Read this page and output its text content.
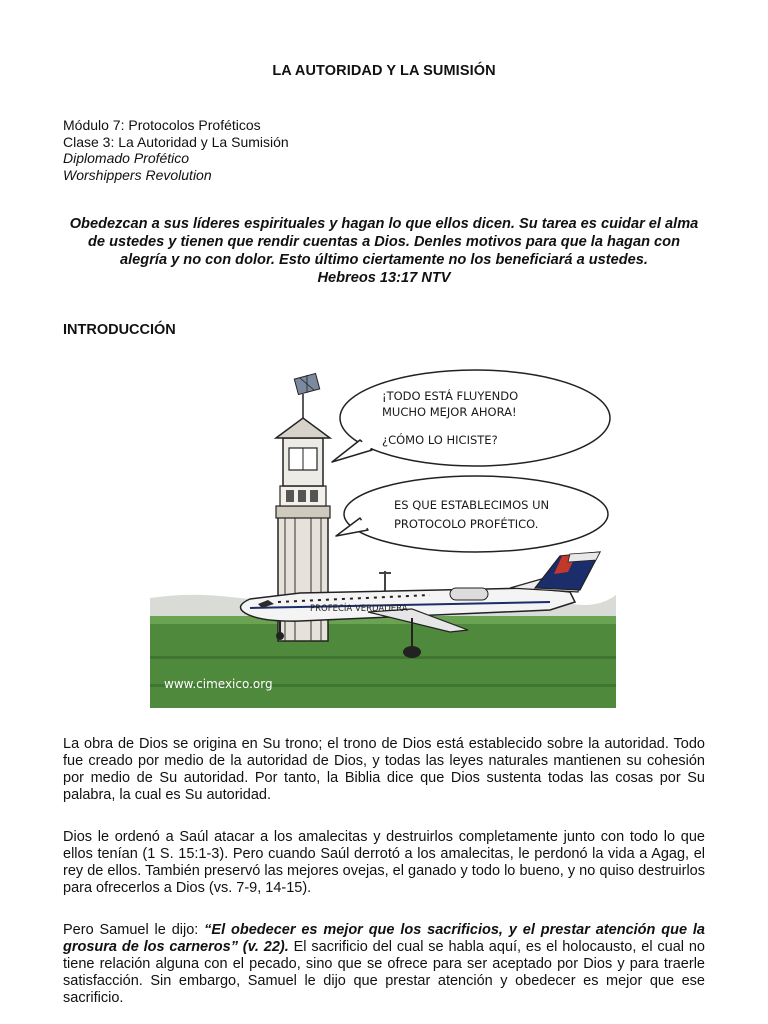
LA AUTORIDAD Y LA SUMISIÓN
Módulo 7: Protocolos Proféticos
Clase 3: La Autoridad y La Sumisión
Diplomado Profético
Worshippers Revolution
Obedezcan a sus líderes espirituales y hagan lo que ellos dicen. Su tarea es cuidar el alma de ustedes y tienen que rendir cuentas a Dios. Denles motivos para que la hagan con alegría y no con dolor. Esto último ciertamente no los beneficiará a ustedes.
Hebreos 13:17 NTV
INTRODUCCIÓN
¡TODO ESTÁ FLUYENDO
MUCHO MEJOR AHORA!
¿CÓMO LO HICISTE?
ES QUE ESTABLECIMOS UN
PROTOCOLO PROFÉTICO.
PROFECÍA VERDADERA
www.cimexico.org
La obra de Dios se origina en Su trono; el trono de Dios está establecido sobre la autoridad. Todo fue creado por medio de la autoridad de Dios, y todas las leyes naturales mantienen su cohesión por medio de Su autoridad. Por tanto, la Biblia dice que Dios sustenta todas las cosas por Su palabra, la cual es Su autoridad.
Dios le ordenó a Saúl atacar a los amalecitas y destruirlos completamente junto con todo lo que ellos tenían (1 S. 15:1-3). Pero cuando Saúl derrotó a los amalecitas, le perdonó la vida a Agag, el rey de ellos. También preservó las mejores ovejas, el ganado y todo lo bueno, y no quiso destruirlos para ofrecerlos a Dios (vs. 7-9, 14-15).
Pero Samuel le dijo: “El obedecer es mejor que los sacrificios, y el prestar atención que la grosura de los carneros” (v. 22). El sacrificio del cual se habla aquí, es el holocausto, el cual no tiene relación alguna con el pecado, sino que se ofrece para ser aceptado por Dios y para traerle satisfacción. Sin embargo, Samuel le dijo que prestar atención y obedecer es mejor que ese sacrificio.
